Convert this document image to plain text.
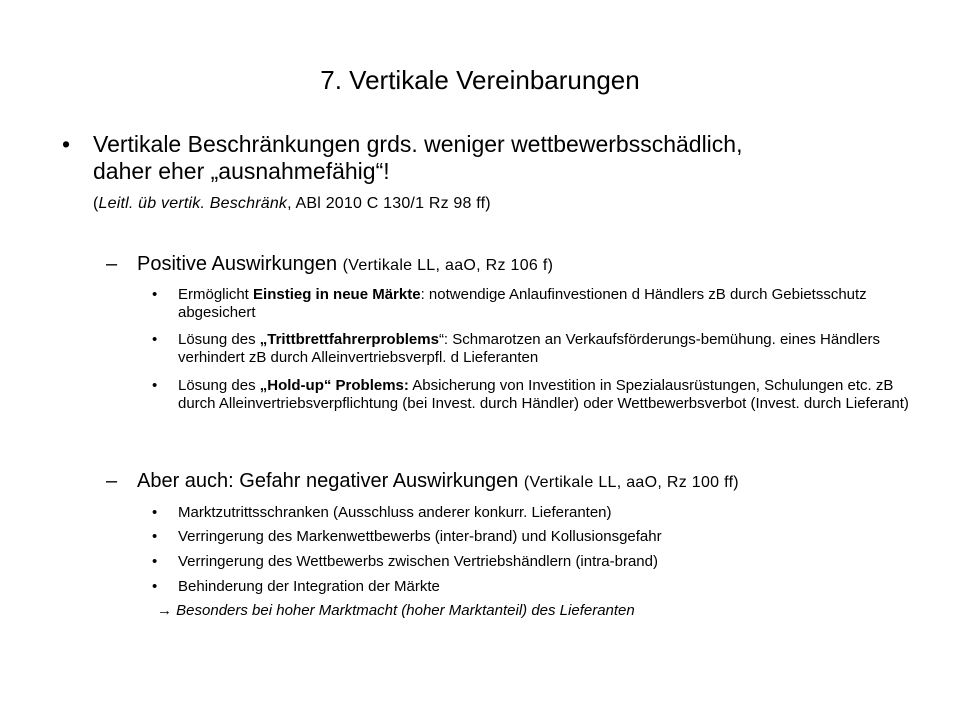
7. Vertikale Vereinbarungen
• Vertikale Beschränkungen grds. weniger wettbewerbsschädlich,
daher eher „ausnahmefähig“!
(Leitl. üb vertik. Beschränk, ABl 2010 C 130/1 Rz 98 ff)
– Positive Auswirkungen (Vertikale LL, aaO, Rz 106 f)
• Ermöglicht Einstieg in neue Märkte: notwendige Anlaufinvestionen d Händlers zB durch Gebietsschutz abgesichert
• Lösung des „Trittbrettfahrerproblems“: Schmarotzen an Verkaufsförderungs-bemühung. eines Händlers verhindert zB durch Alleinvertriebsverpfl. d Lieferanten
• Lösung des „Hold-up“ Problems: Absicherung von Investition in Spezialausrüstungen, Schulungen etc. zB durch Alleinvertriebsverpflichtung (bei Invest. durch Händler) oder Wettbewerbsverbot (Invest. durch Lieferant)
– Aber auch: Gefahr negativer Auswirkungen (Vertikale LL, aaO, Rz 100 ff)
• Marktzutrittsschranken (Ausschluss anderer konkurr. Lieferanten)
• Verringerung des Markenwettbewerbs (inter-brand) und Kollusionsgefahr
• Verringerung des Wettbewerbs zwischen Vertriebshändlern (intra-brand)
• Behinderung der Integration der Märkte
→ Besonders bei hoher Marktmacht (hoher Marktanteil) des Lieferanten
